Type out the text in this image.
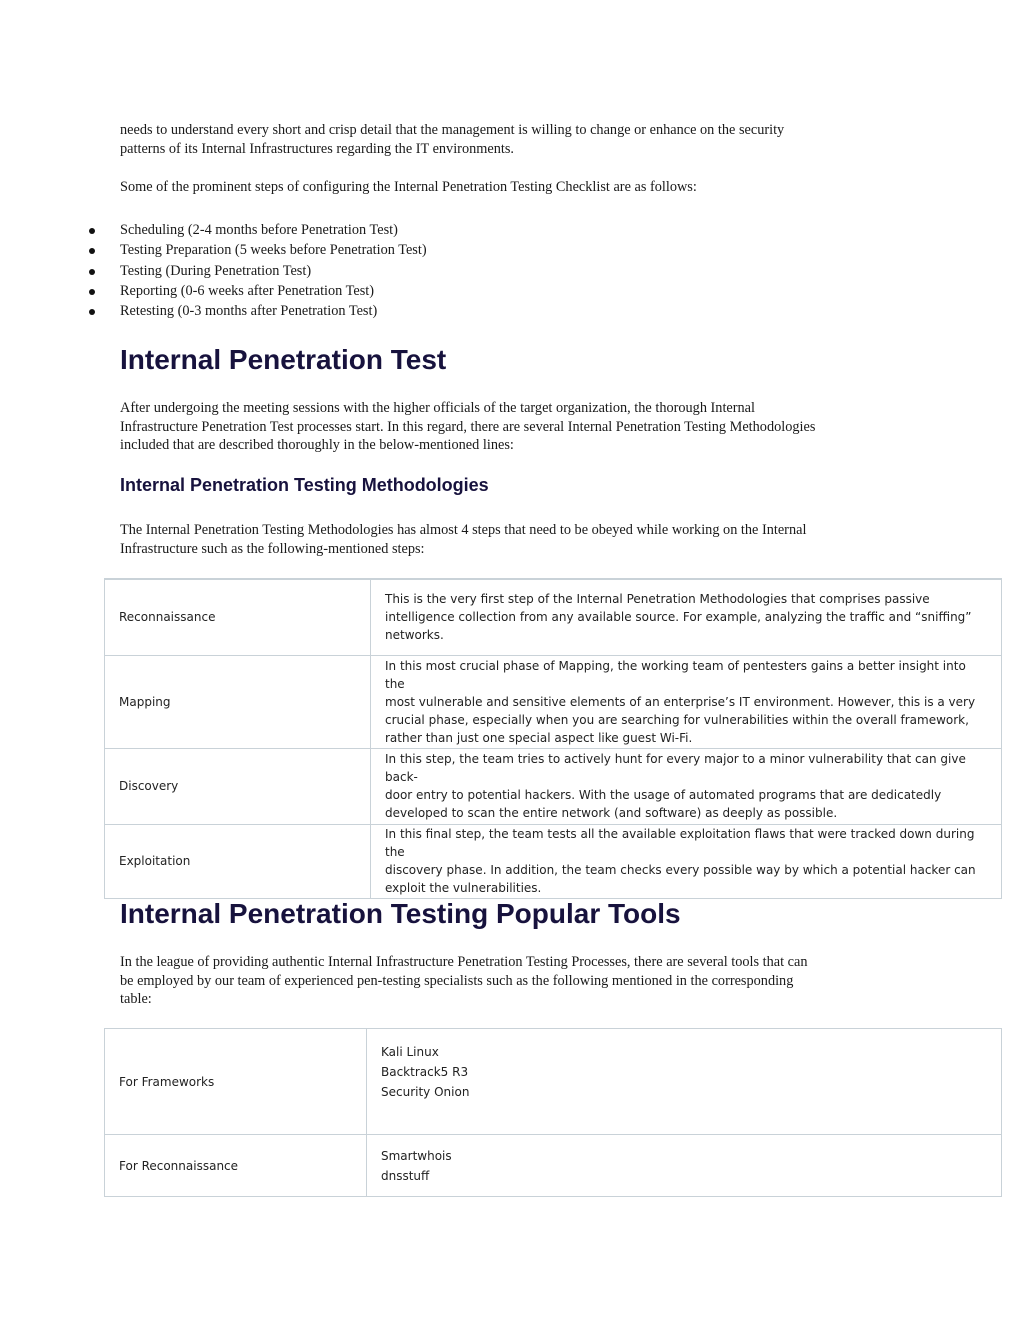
needs to understand every short and crisp detail that the management is willing to change or enhance on the security
patterns of its Internal Infrastructures regarding the IT environments.
Some of the prominent steps of configuring the Internal Penetration Testing Checklist are as follows:
Scheduling (2-4 months before Penetration Test)
Testing Preparation (5 weeks before Penetration Test)
Testing (During Penetration Test)
Reporting (0-6 weeks after Penetration Test)
Retesting (0-3 months after Penetration Test)
Internal Penetration Test
After undergoing the meeting sessions with the higher officials of the target organization, the thorough Internal
Infrastructure Penetration Test processes start. In this regard, there are several Internal Penetration Testing Methodologies
included that are described thoroughly in the below-mentioned lines:
Internal Penetration Testing Methodologies
The Internal Penetration Testing Methodologies has almost 4 steps that need to be obeyed while working on the Internal
Infrastructure such as the following-mentioned steps:
Reconnaissance	This is the very first step of the Internal Penetration Methodologies that comprises passive
intelligence collection from any available source. For example, analyzing the traffic and “sniffing”
networks.

Mapping	In this most crucial phase of Mapping, the working team of pentesters gains a better insight into the
most vulnerable and sensitive elements of an enterprise’s IT environment. However, this is a very
crucial phase, especially when you are searching for vulnerabilities within the overall framework,
rather than just one special aspect like guest Wi-Fi.

Discovery	In this step, the team tries to actively hunt for every major to a minor vulnerability that can give back-
door entry to potential hackers. With the usage of automated programs that are dedicatedly
developed to scan the entire network (and software) as deeply as possible.

Exploitation	In this final step, the team tests all the available exploitation flaws that were tracked down during the
discovery phase. In addition, the team checks every possible way by which a potential hacker can
exploit the vulnerabilities.
Internal Penetration Testing Popular Tools
In the league of providing authentic Internal Infrastructure Penetration Testing Processes, there are several tools that can
be employed by our team of experienced pen-testing specialists such as the following mentioned in the corresponding
table:
For Frameworks	Kali Linux
Backtrack5 R3
Security Onion

For Reconnaissance	Smartwhois
dnsstuff
